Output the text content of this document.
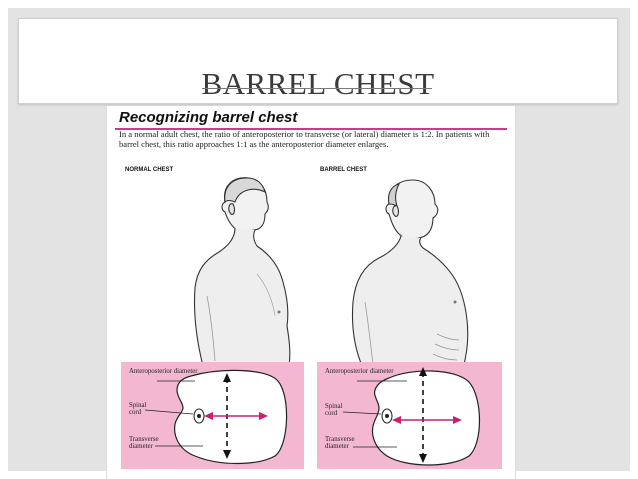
BARREL CHEST
Recognizing barrel chest
In a normal adult chest, the ratio of anteroposterior to transverse (or lateral) diameter is 1:2. In patients with barrel chest, this ratio approaches 1:1 as the anteroposterior diameter enlarges.
NORMAL CHEST	BARREL CHEST
Anteroposterior diameter
Spinal cord
Transverse diameter
Anteroposterior diameter
Spinal cord
Transverse diameter
